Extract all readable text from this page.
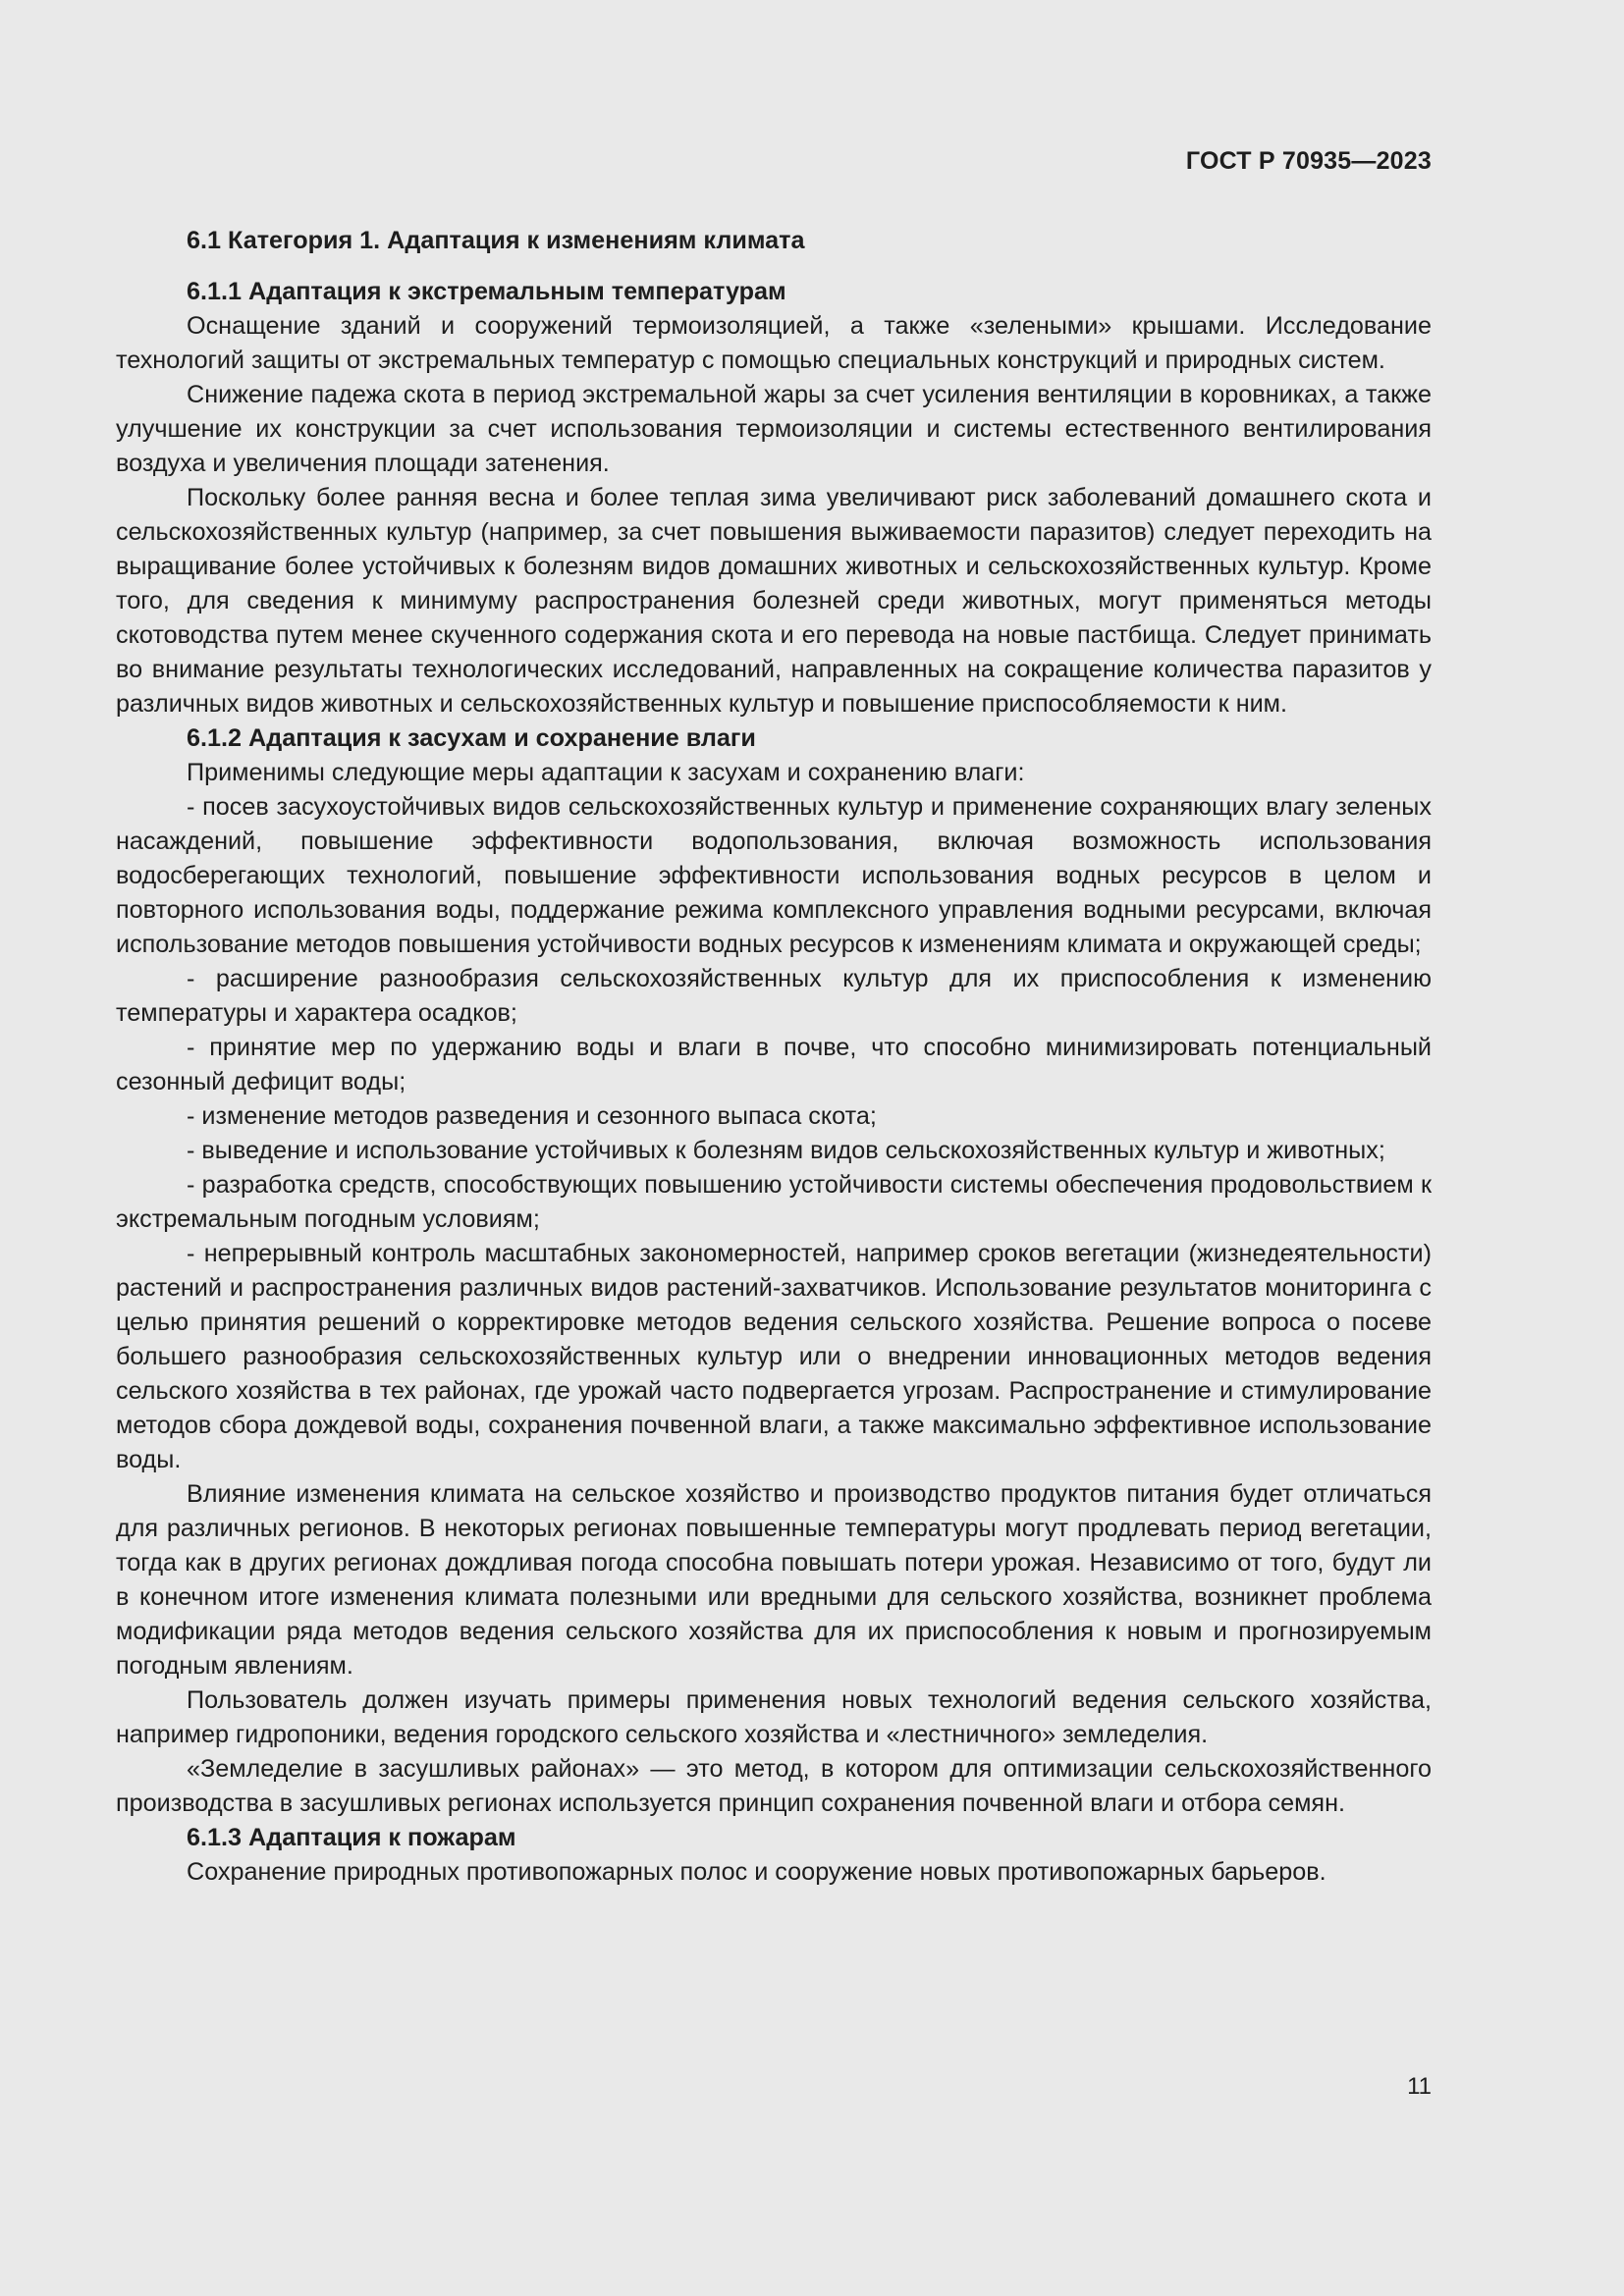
ГОСТ Р 70935—2023

6.1 Категория 1. Адаптация к изменениям климата

6.1.1 Адаптация к экстремальным температурам

Оснащение зданий и сооружений термоизоляцией, а также «зелеными» крышами. Исследование технологий защиты от экстремальных температур с помощью специальных конструкций и природных систем.

Снижение падежа скота в период экстремальной жары за счет усиления вентиляции в коровниках, а также улучшение их конструкции за счет использования термоизоляции и системы естественного вентилирования воздуха и увеличения площади затенения.

Поскольку более ранняя весна и более теплая зима увеличивают риск заболеваний домашнего скота и сельскохозяйственных культур (например, за счет повышения выживаемости паразитов) следует переходить на выращивание более устойчивых к болезням видов домашних животных и сельскохозяйственных культур. Кроме того, для сведения к минимуму распространения болезней среди животных, могут применяться методы скотоводства путем менее скученного содержания скота и его перевода на новые пастбища. Следует принимать во внимание результаты технологических исследований, направленных на сокращение количества паразитов у различных видов животных и сельскохозяйственных культур и повышение приспособляемости к ним.

6.1.2 Адаптация к засухам и сохранение влаги

Применимы следующие меры адаптации к засухам и сохранению влаги:

- посев засухоустойчивых видов сельскохозяйственных культур и применение сохраняющих влагу зеленых насаждений, повышение эффективности водопользования, включая возможность использования водосберегающих технологий, повышение эффективности использования водных ресурсов в целом и повторного использования воды, поддержание режима комплексного управления водными ресурсами, включая использование методов повышения устойчивости водных ресурсов к изменениям климата и окружающей среды;

- расширение разнообразия сельскохозяйственных культур для их приспособления к изменению температуры и характера осадков;

- принятие мер по удержанию воды и влаги в почве, что способно минимизировать потенциальный сезонный дефицит воды;

- изменение методов разведения и сезонного выпаса скота;

- выведение и использование устойчивых к болезням видов сельскохозяйственных культур и животных;

- разработка средств, способствующих повышению устойчивости системы обеспечения продовольствием к экстремальным погодным условиям;

- непрерывный контроль масштабных закономерностей, например сроков вегетации (жизнедеятельности) растений и распространения различных видов растений-захватчиков. Использование результатов мониторинга с целью принятия решений о корректировке методов ведения сельского хозяйства. Решение вопроса о посеве большего разнообразия сельскохозяйственных культур или о внедрении инновационных методов ведения сельского хозяйства в тех районах, где урожай часто подвергается угрозам. Распространение и стимулирование методов сбора дождевой воды, сохранения почвенной влаги, а также максимально эффективное использование воды.

Влияние изменения климата на сельское хозяйство и производство продуктов питания будет отличаться для различных регионов. В некоторых регионах повышенные температуры могут продлевать период вегетации, тогда как в других регионах дождливая погода способна повышать потери урожая. Независимо от того, будут ли в конечном итоге изменения климата полезными или вредными для сельского хозяйства, возникнет проблема модификации ряда методов ведения сельского хозяйства для их приспособления к новым и прогнозируемым погодным явлениям.

Пользователь должен изучать примеры применения новых технологий ведения сельского хозяйства, например гидропоники, ведения городского сельского хозяйства и «лестничного» земледелия.

«Земледелие в засушливых районах» — это метод, в котором для оптимизации сельскохозяйственного производства в засушливых регионах используется принцип сохранения почвенной влаги и отбора семян.

6.1.3 Адаптация к пожарам

Сохранение природных противопожарных полос и сооружение новых противопожарных барьеров.

11
